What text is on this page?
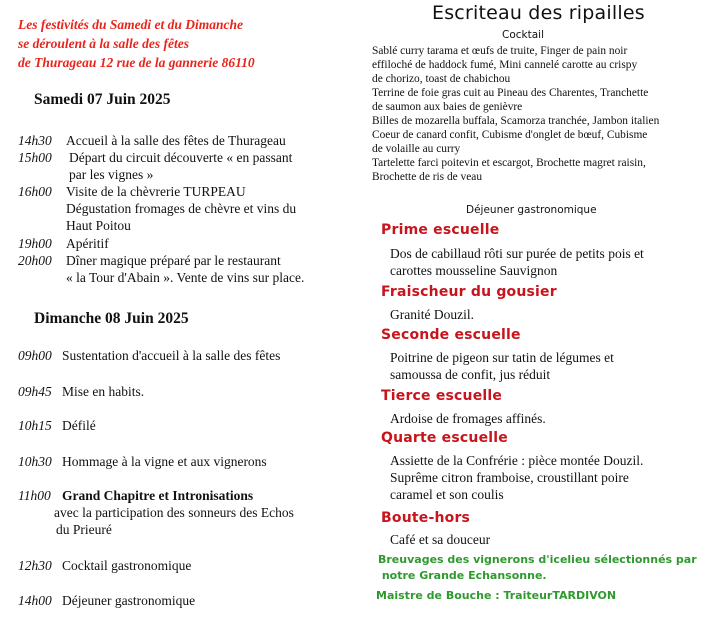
Les festivités du Samedi et du Dimanche
se déroulent à la salle des fêtes
de Thurageau 12 rue de la gannerie 86110
Samedi 07 Juin 2025
14h30 Accueil à la salle des fêtes de Thurageau
15h00 Départ du circuit découverte « en passant
par les vignes »
16h00 Visite de la chèvrerie TURPEAU
Dégustation fromages de chèvre et vins du
Haut Poitou
19h00 Apéritif
20h00 Dîner magique préparé par le restaurant
« la Tour d'Abain ». Vente de vins sur place.
Dimanche 08 Juin 2025
09h00 Sustentation d'accueil à la salle des fêtes
09h45 Mise en habits.
10h15 Défilé
10h30 Hommage à la vigne et aux vignerons
11h00 Grand Chapitre et Intronisations
avec la participation des sonneurs des Echos
du Prieuré
12h30 Cocktail gastronomique
14h00 Déjeuner gastronomique
Escriteau des ripailles
Cocktail
Sablé curry tarama et œufs de truite, Finger de pain noir
effiloché de haddock fumé, Mini cannelé carotte au crispy
de chorizo, toast de chabichou
Terrine de foie gras cuit au Pineau des Charentes, Tranchette
de saumon aux baies de genièvre
Billes de mozarella buffala, Scamorza tranchée, Jambon italien
Coeur de canard confit, Cubisme d'onglet de bœuf, Cubisme
de volaille au curry
Tartelette farci poitevin et escargot, Brochette magret raisin,
Brochette de ris de veau
Déjeuner gastronomique
Prime escuelle
Dos de cabillaud rôti sur purée de petits pois et
carottes mousseline Sauvignon
Fraischeur du gousier
Granité Douzil.
Seconde escuelle
Poitrine de pigeon sur tatin de légumes et
samoussa de confit, jus réduit
Tierce escuelle
Ardoise de fromages affinés.
Quarte escuelle
Assiette de la Confrérie : pièce montée Douzil.
Suprême citron framboise, croustillant poire
caramel et son coulis
Boute-hors
Café et sa douceur
Breuvages des vignerons d'icelieu sélectionnés par
notre Grande Echansonne.
Maistre de Bouche : TraiteurTARDIVON
